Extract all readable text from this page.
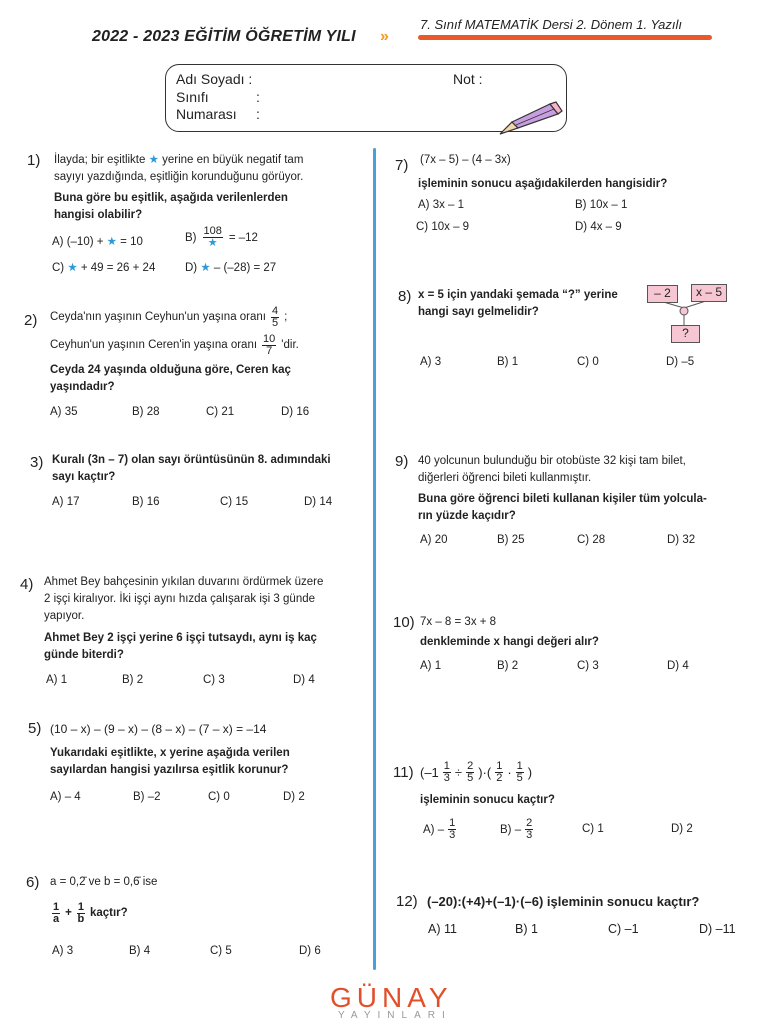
2022 - 2023 EĞİTİM ÖĞRETİM YILI »
7. Sınıf MATEMATİK Dersi 2. Dönem 1. Yazılı
Adı Soyadı :
Sınıfı	:
Numarası :
Not :
1) İlayda; bir eşitlikte ★ yerine en büyük negatif tam
sayıyı yazdığında, eşitliğin korunduğunu görüyor.
Buna göre bu eşitlik, aşağıda verilenlerden
hangisi olabilir?
A) (–10) + ★ = 10	$B) \frac{108}{★} = -12$
C) ★ + 49 = 26 + 24	D) ★ – (–28) = 27
2) Ceyda'nın yaşının Ceyhun'un yaşına oranı $\frac{4}{5}$ ;
Ceyhun'un yaşının Ceren'in yaşına oranı $\frac{10}{7}$ 'dir.
Ceyda 24 yaşında olduğuna göre, Ceren kaç
yaşındadır?
A) 35	B) 28	C) 21	D) 16
3) Kuralı (3n – 7) olan sayı örüntüsünün 8. adımındaki
sayı kaçtır?
A) 17	B) 16	C) 15	D) 14
4) Ahmet Bey bahçesinin yıkılan duvarını ördürmek üzere
2 işçi kiralıyor. İki işçi aynı hızda çalışarak işi 3 günde
yapıyor.
Ahmet Bey 2 işçi yerine 6 işçi tutsaydı, aynı iş kaç
günde biterdi?
A) 1	B) 2	C) 3	D) 4
5) (10 – x) – (9 – x) – (8 – x) – (7 – x) = –14
Yukarıdaki eşitlikte, x yerine aşağıda verilen
sayılardan hangisi yazılırsa eşitlik korunur?
A) – 4	B) –2	C) 0	D) 2
6) a = 0,2̄ ve b = 0,6̄ ise
$\frac{1}{a} + \frac{1}{b}$ kaçtır?
A) 3	B) 4	C) 5	D) 6
7) (7x – 5) – (4 – 3x)
işleminin sonucu aşağıdakilerden hangisidir?
A) 3x – 1	B) 10x – 1
C) 10x – 9	D) 4x – 9
8) x = 5 için yandaki şemada “?” yerine
hangi sayı gelmelidir?
– 2	x – 5
?
A) 3	B) 1	C) 0	D) –5
9) 40 yolcunun bulunduğu bir otobüste 32 kişi tam bilet,
diğerleri öğrenci bileti kullanmıştır.
Buna göre öğrenci bileti kullanan kişiler tüm yolcula-
rın yüzde kaçıdır?
A) 20	B) 25	C) 28	D) 32
10) 7x – 8 = 3x + 8
denkleminde x hangi değeri alır?
A) 1	B) 2	C) 3	D) 4
11) ($-1 \frac{1}{3} \div \frac{2}{5}$ )·( $\frac{1}{2} \cdot \frac{1}{5}$ )
işleminin sonucu kaçtır?
$A) - \frac{1}{3}$	$B) - \frac{2}{3}$	C) 1	D) 2
12) (–20):(+4)+(–1)·(–6) işleminin sonucu kaçtır?
A) 11	B) 1	C) –1	D) –11
GÜNAY
YAYINLARI
